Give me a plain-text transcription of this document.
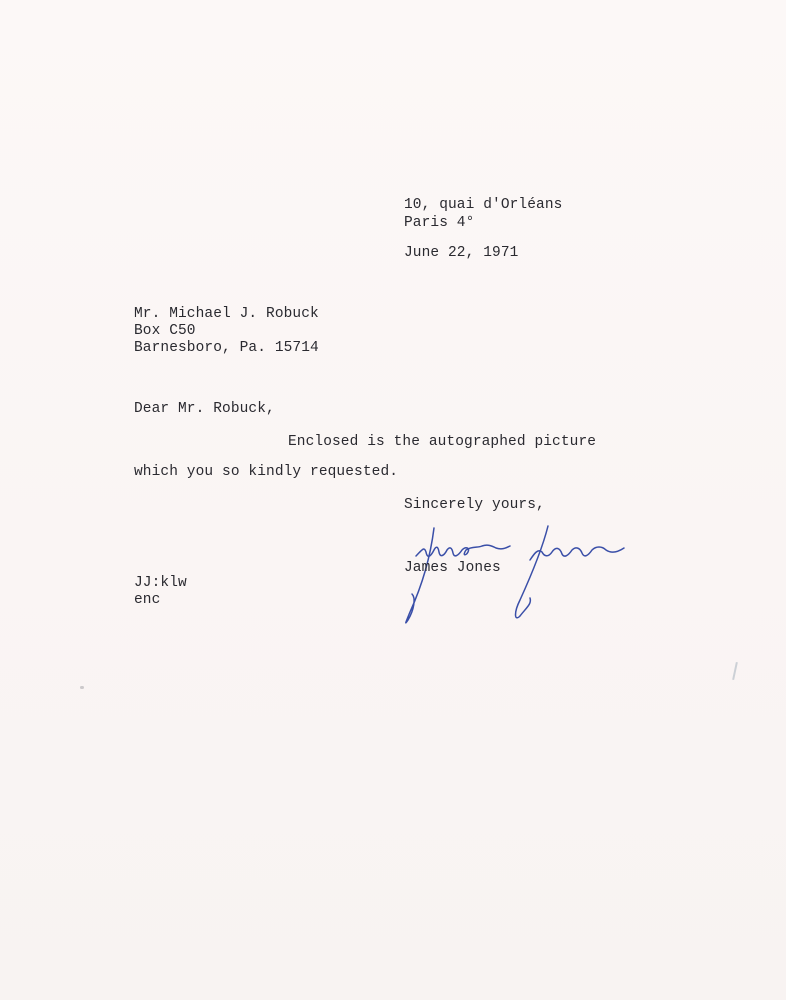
10, quai d'Orléans
Paris 4°
June 22, 1971
Mr. Michael J. Robuck
Box C50
Barnesboro, Pa. 15714
Dear Mr. Robuck,
Enclosed is the autographed picture
which you so kindly requested.
Sincerely yours,
James Jones
JJ:klw
enc
